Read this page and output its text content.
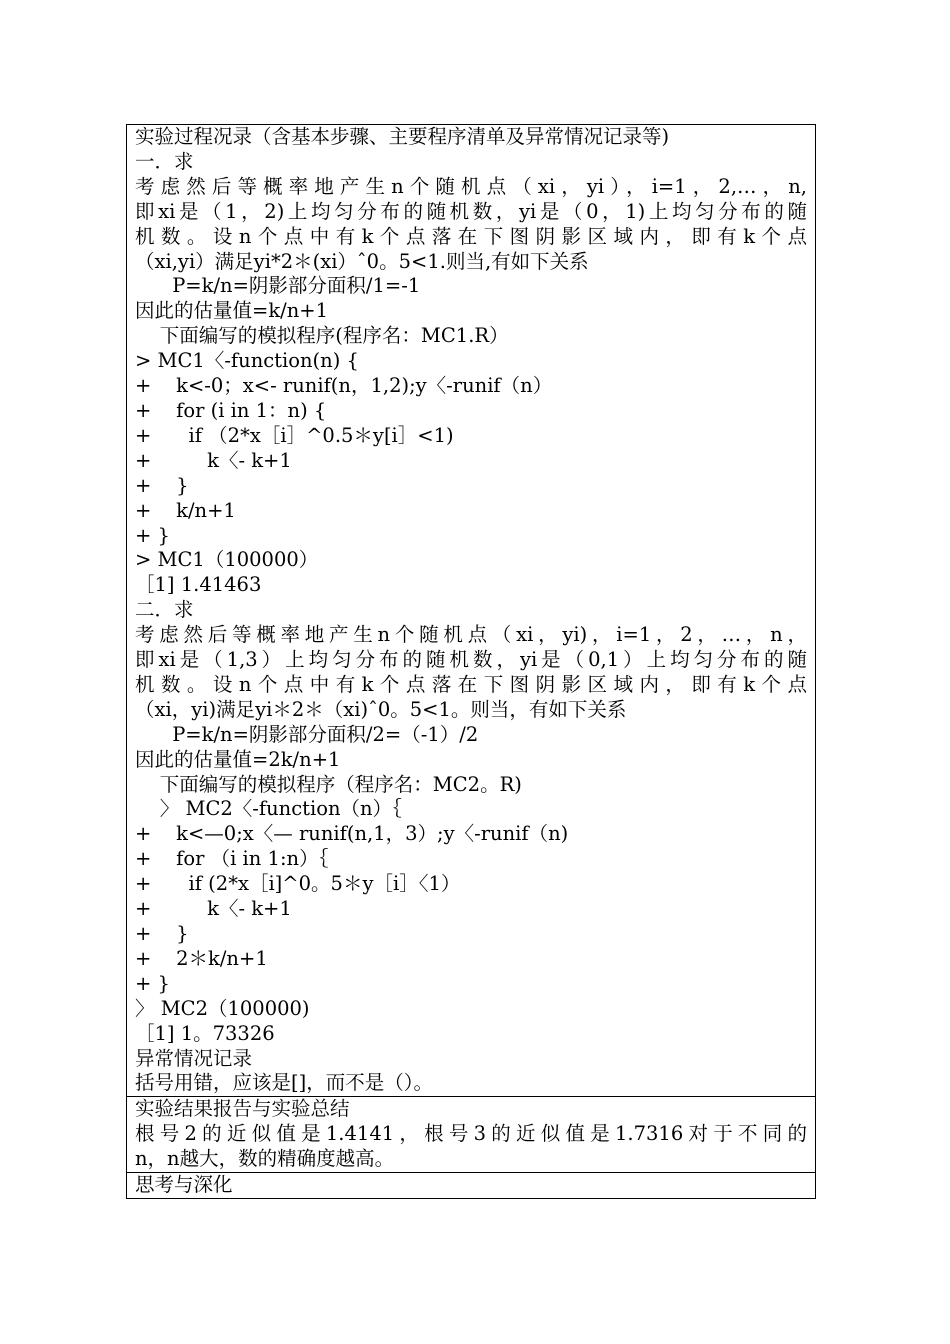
实验过程况录（含基本步骤、主要程序清单及异常情况记录等)
一．求
考虑然后等概率地产生n个随机点（xi，yi），i=1，2,…，n,
即xi是（1，2)上均匀分布的随机数，yi是（0，1)上均匀分布的随
机数。设n个点中有k个点落在下图阴影区域内，即有k个点
（xi,yi）满足yi*2＊(xi）ˆ0。5<1.则当,有如下关系
P=k/n=阴影部分面积/1=-1
因此的估量值=k/n+1
下面编写的模拟程序(程序名：MC1.R）
> MC1〈-function(n) {
+    k<-0；x<- runif(n，1,2);y〈-runif（n）
+    for (i in 1：n) {
+      if （2*x［i］^0.5＊y[i］<1)
+         k〈- k+1
+    }
+    k/n+1
+ }
> MC1（100000）
［1] 1.41463
二．求
考虑然后等概率地产生n个随机点（xi，yi)，i=1，2，…，n，
即xi是（1,3）上均匀分布的随机数，yi是（0,1）上均匀分布的随
机数。设n个点中有k个点落在下图阴影区域内，即有k个点
（xi，yi)满足yi＊2＊（xi)ˆ0。5<1。则当，有如下关系
P=k/n=阴影部分面积/2=（-1）/2
因此的估量值=2k/n+1
下面编写的模拟程序（程序名：MC2。R)
〉 MC2〈-function（n）｛
+    k<—0;x〈— runif(n,1，3）;y〈-runif（n)
+    for （i in 1:n）｛
+      if (2*x［i]^0。5＊y［i］〈1）
+         k〈- k+1
+    }
+    2＊k/n+1
+ }
〉 MC2（100000)
［1] 1。73326
异常情况记录
括号用错，应该是[]，而不是（）。
实验结果报告与实验总结
根号2的近似值是1.4141，根号3的近似值是1.7316对于不同的
n，n越大，数的精确度越高。
思考与深化
